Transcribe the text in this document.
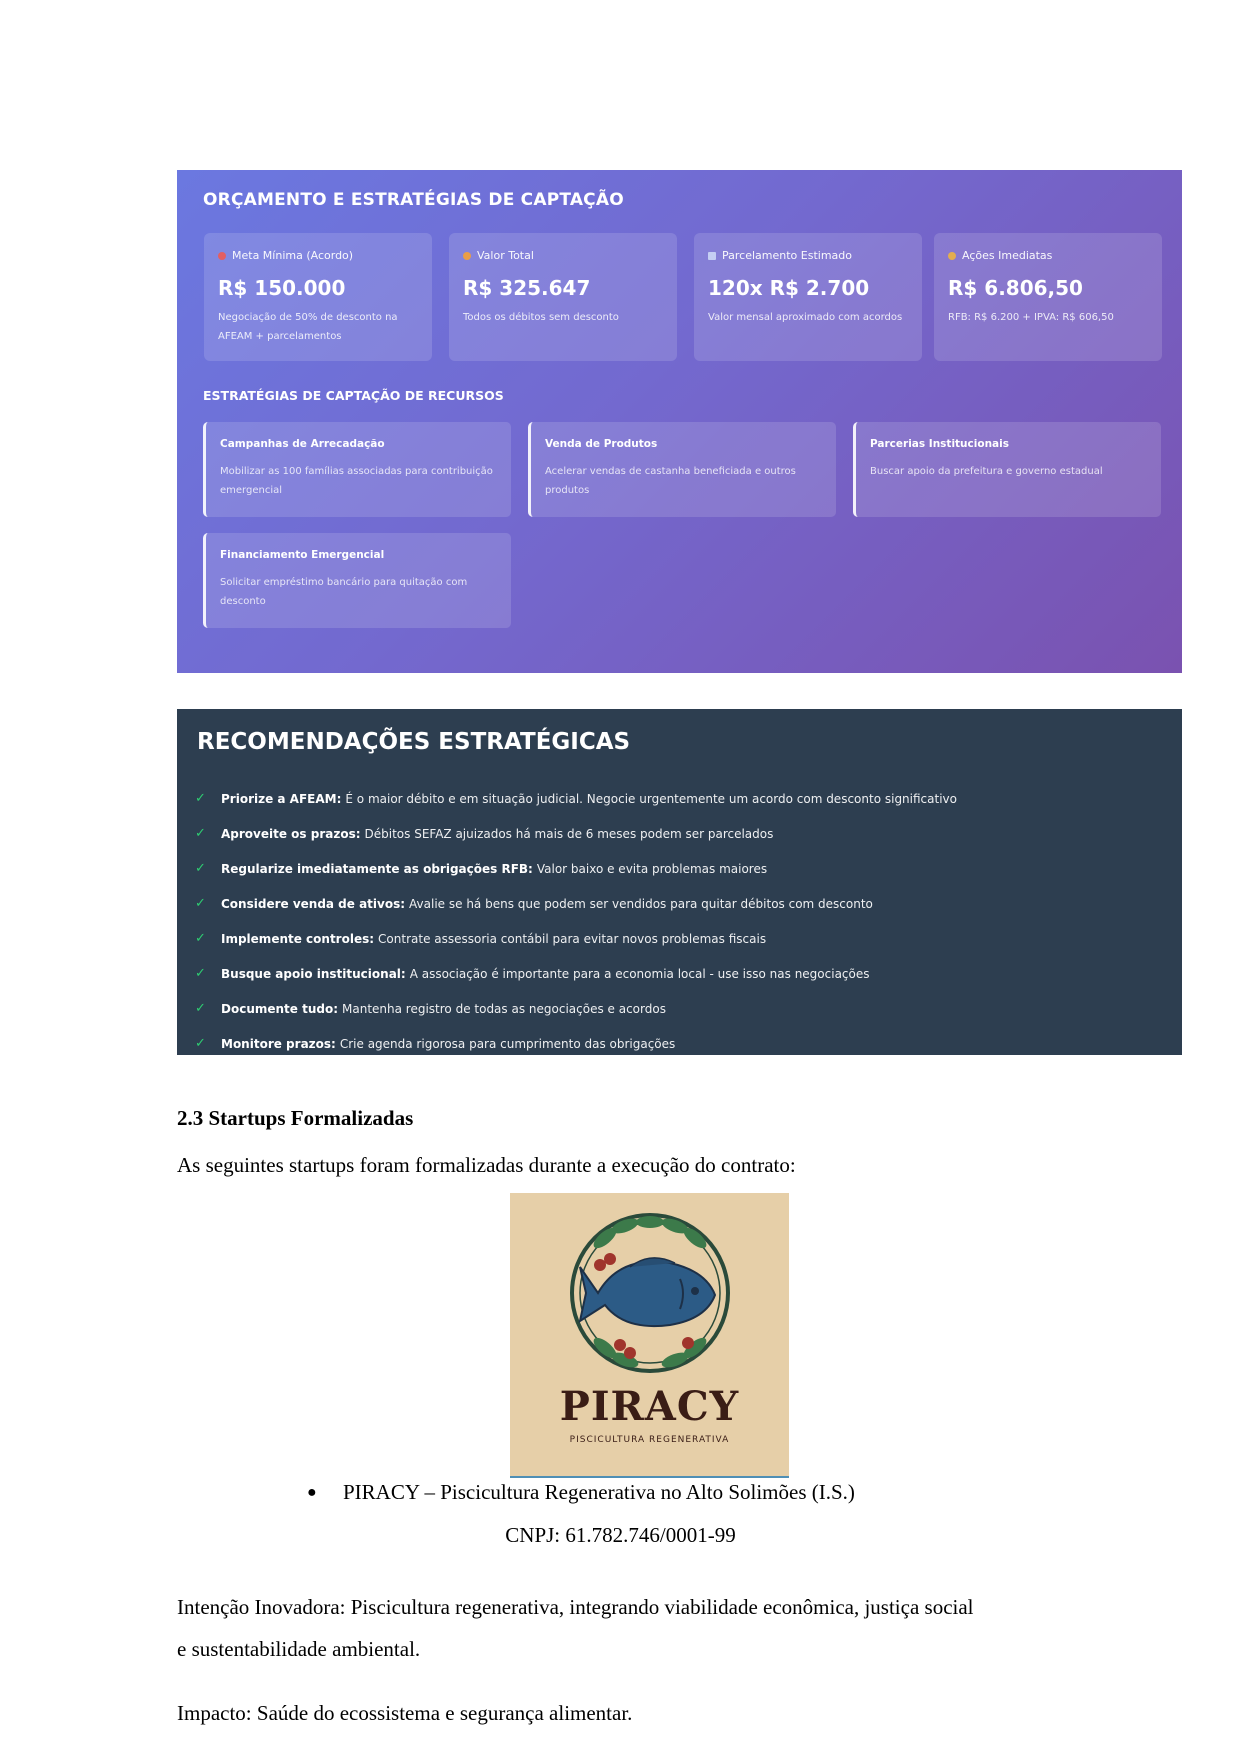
ORÇAMENTO E ESTRATÉGIAS DE CAPTAÇÃO
Meta Mínima (Acordo)
R$ 150.000
Negociação de 50% de desconto na AFEAM + parcelamentos
Valor Total
R$ 325.647
Todos os débitos sem desconto
Parcelamento Estimado
120x R$ 2.700
Valor mensal aproximado com acordos
Ações Imediatas
R$ 6.806,50
RFB: R$ 6.200 + IPVA: R$ 606,50
ESTRATÉGIAS DE CAPTAÇÃO DE RECURSOS
Campanhas de Arrecadação
Mobilizar as 100 famílias associadas para contribuição emergencial
Venda de Produtos
Acelerar vendas de castanha beneficiada e outros produtos
Parcerias Institucionais
Buscar apoio da prefeitura e governo estadual
Financiamento Emergencial
Solicitar empréstimo bancário para quitação com desconto
RECOMENDAÇÕES ESTRATÉGICAS
✓	Priorize a AFEAM: É o maior débito e em situação judicial. Negocie urgentemente um acordo com desconto significativo
✓	Aproveite os prazos: Débitos SEFAZ ajuizados há mais de 6 meses podem ser parcelados
✓	Regularize imediatamente as obrigações RFB: Valor baixo e evita problemas maiores
✓	Considere venda de ativos: Avalie se há bens que podem ser vendidos para quitar débitos com desconto
✓	Implemente controles: Contrate assessoria contábil para evitar novos problemas fiscais
✓	Busque apoio institucional: A associação é importante para a economia local - use isso nas negociações
✓	Documente tudo: Mantenha registro de todas as negociações e acordos
✓	Monitore prazos: Crie agenda rigorosa para cumprimento das obrigações
2.3 Startups Formalizadas

As seguintes startups foram formalizadas durante a execução do contrato:

PIRACY
PISCICULTURA REGENERATIVA
●	PIRACY – Piscicultura Regenerativa no Alto Solimões (I.S.)
CNPJ: 61.782.746/0001-99

Intenção Inovadora: Piscicultura regenerativa, integrando viabilidade econômica, justiça social

e sustentabilidade ambiental.

Impacto: Saúde do ecossistema e segurança alimentar.
